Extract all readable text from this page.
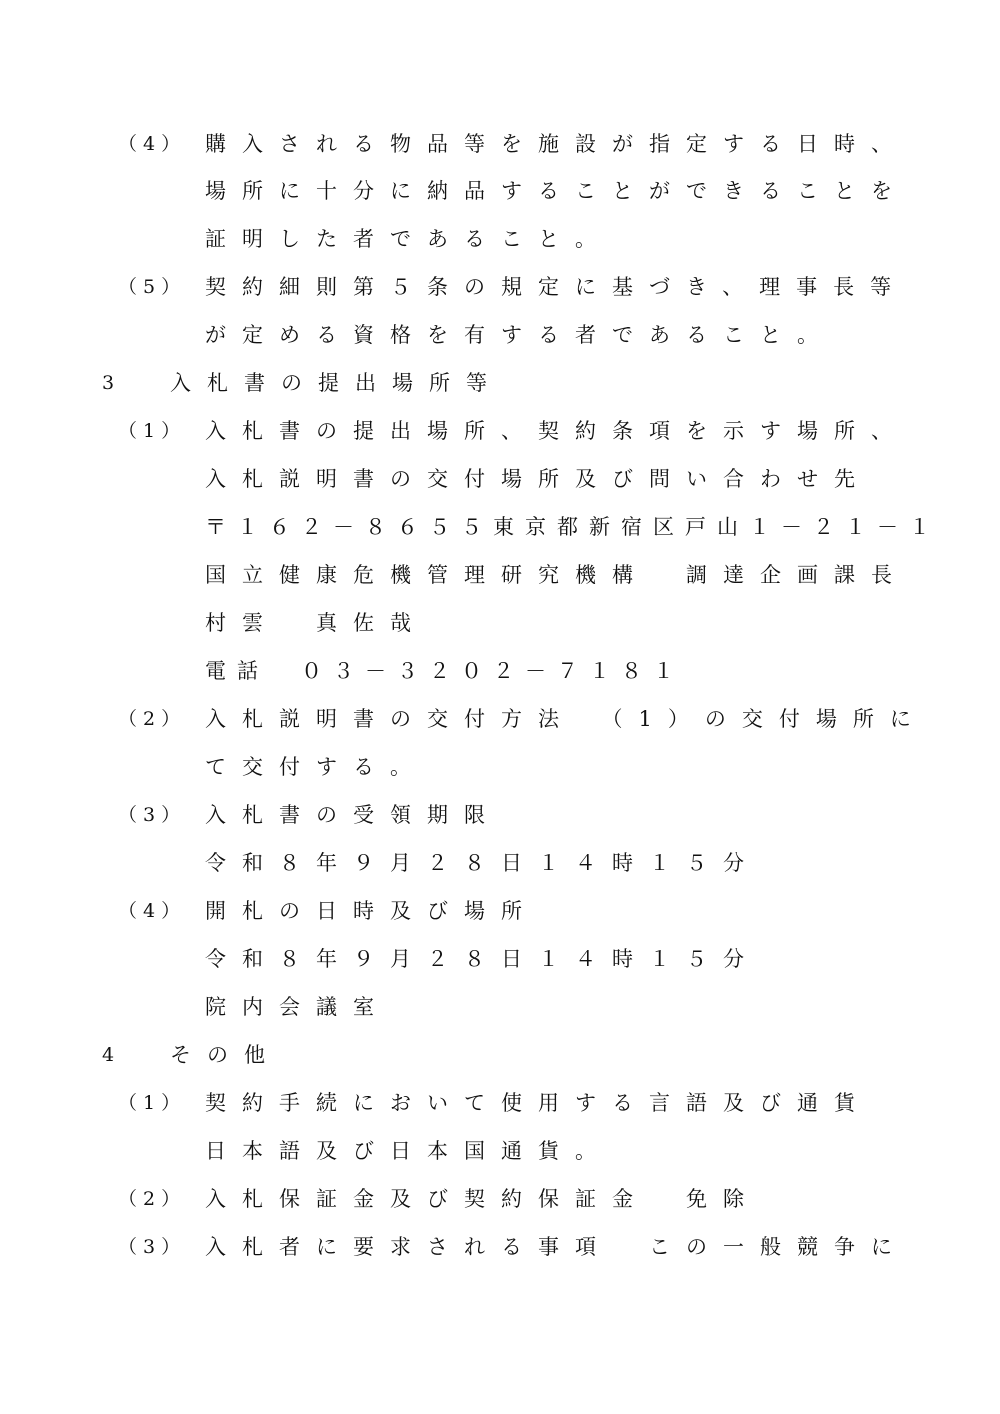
（4） 購入される物品等を施設が指定する日時、
場所に十分に納品することができることを
証明した者であること。
（5） 契約細則第５条の規定に基づき、理事長等
が定める資格を有する者であること。
3 入札書の提出場所等
（1） 入札書の提出場所、契約条項を示す場所、
入札説明書の交付場所及び問い合わせ先
〒１６２－８６５５東京都新宿区戸山１－２１－１
国立健康危機管理研究機構　調達企画課長
村雲　真佐哉
電話　０３－３２０２－７１８１
（2） 入札説明書の交付方法　（1）の交付場所に
て交付する。
（3） 入札書の受領期限
令和８年９月２８日１４時１５分
（4） 開札の日時及び場所
令和８年９月２８日１４時１５分
院内会議室
4 その他
（1） 契約手続において使用する言語及び通貨
日本語及び日本国通貨。
（2） 入札保証金及び契約保証金　免除
（3） 入札者に要求される事項　この一般競争に
